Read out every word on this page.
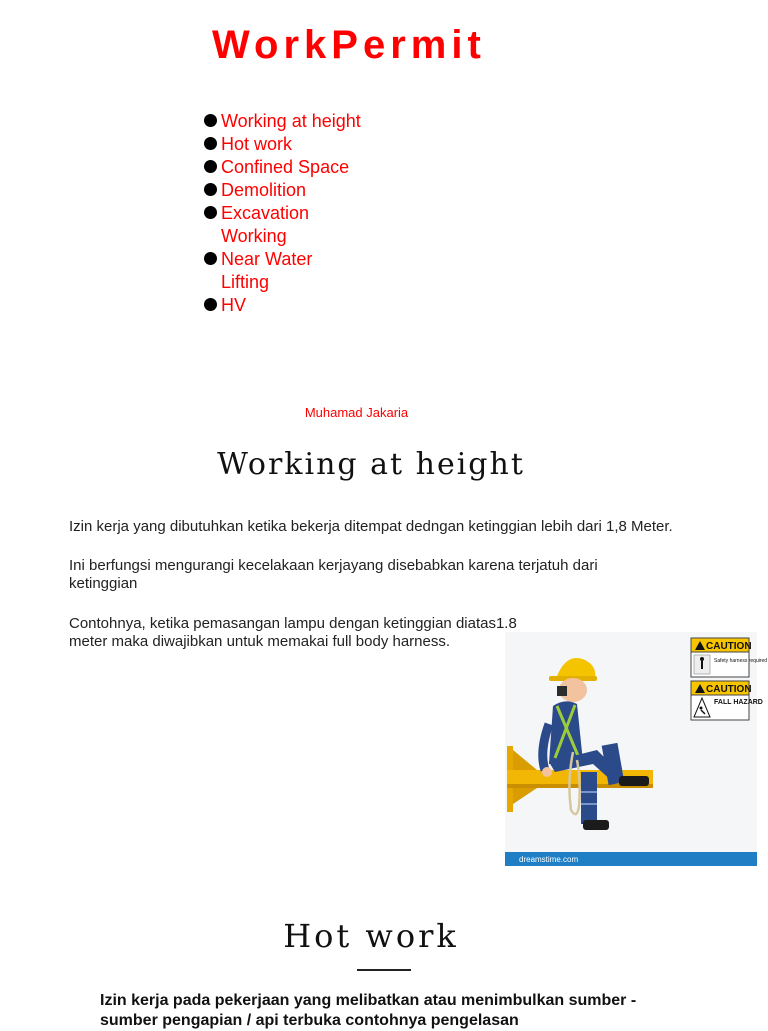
WorkPermit
Working at height
Hot work
Confined Space
Demolition
Excavation Working
Near Water Lifting
HV
Muhamad Jakaria
Working at height

Izin kerja yang dibutuhkan ketika bekerja ditempat dedngan ketinggian lebih dari 1,8 Meter.

Ini berfungsi mengurangi kecelakaan kerjayang disebabkan karena terjatuh dari ketinggian

Contohnya, ketika pemasangan lampu dengan ketinggian diatas1.8 meter maka diwajibkan untuk memakai full body harness.	CAUTION
Safety harness required
CAUTION
FALL HAZARD
dreamstime.com
Hot work

Izin kerja pada pekerjaan yang melibatkan atau menimbulkan sumber - sumber pengapian / api terbuka contohnya pengelasan
